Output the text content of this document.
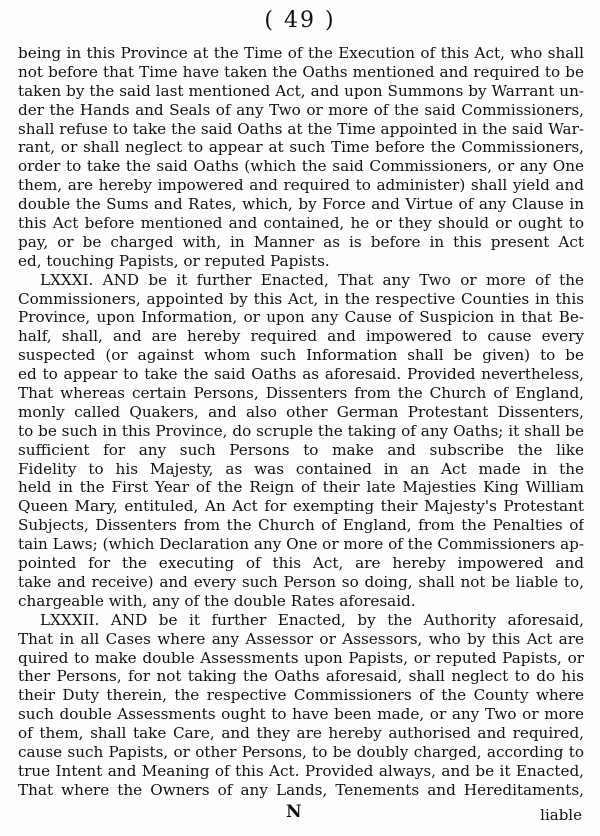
( 49 )
being in this Province at the Time of the Execution of this Act, who shall
not before that Time have taken the Oaths mentioned and required to be
taken by the said last mentioned Act, and upon Summons by Warrant un-
der the Hands and Seals of any Two or more of the said Commissioners,
shall refuse to take the said Oaths at the Time appointed in the said War-
rant, or shall neglect to appear at such Time before the Commissioners,
order to take the said Oaths (which the said Commissioners, or any One
them, are hereby impowered and required to administer) shall yield and
double the Sums and Rates, which, by Force and Virtue of any Clause in
this Act before mentioned and contained, he or they should or ought to
pay, or be charged with, in Manner as is before in this present Act
ed, touching Papists, or reputed Papists.
LXXXI. AND be it further Enacted, That any Two or more of the
Commissioners, appointed by this Act, in the respective Counties in this
Province, upon Information, or upon any Cause of Suspicion in that Be-
half, shall, and are hereby required and impowered to cause every
suspected (or against whom such Information shall be given) to be
ed to appear to take the said Oaths as aforesaid. Provided nevertheless,
That whereas certain Persons, Dissenters from the Church of England,
monly called Quakers, and also other German Protestant Dissenters,
to be such in this Province, do scruple the taking of any Oaths; it shall be
sufficient for any such Persons to make and subscribe the like
Fidelity to his Majesty, as was contained in an Act made in the
held in the First Year of the Reign of their late Majesties King William
Queen Mary, entituled, An Act for exempting their Majesty's Protestant
Subjects, Dissenters from the Church of England, from the Penalties of
tain Laws; (which Declaration any One or more of the Commissioners ap-
pointed for the executing of this Act, are hereby impowered and
take and receive) and every such Person so doing, shall not be liable to,
chargeable with, any of the double Rates aforesaid.
LXXXII. AND be it further Enacted, by the Authority aforesaid,
That in all Cases where any Assessor or Assessors, who by this Act are
quired to make double Assessments upon Papists, or reputed Papists, or
ther Persons, for not taking the Oaths aforesaid, shall neglect to do his
their Duty therein, the respective Commissioners of the County where
such double Assessments ought to have been made, or any Two or more
of them, shall take Care, and they are hereby authorised and required,
cause such Papists, or other Persons, to be doubly charged, according to
true Intent and Meaning of this Act. Provided always, and be it Enacted,
That where the Owners of any Lands, Tenements and Hereditaments,
N	liable
